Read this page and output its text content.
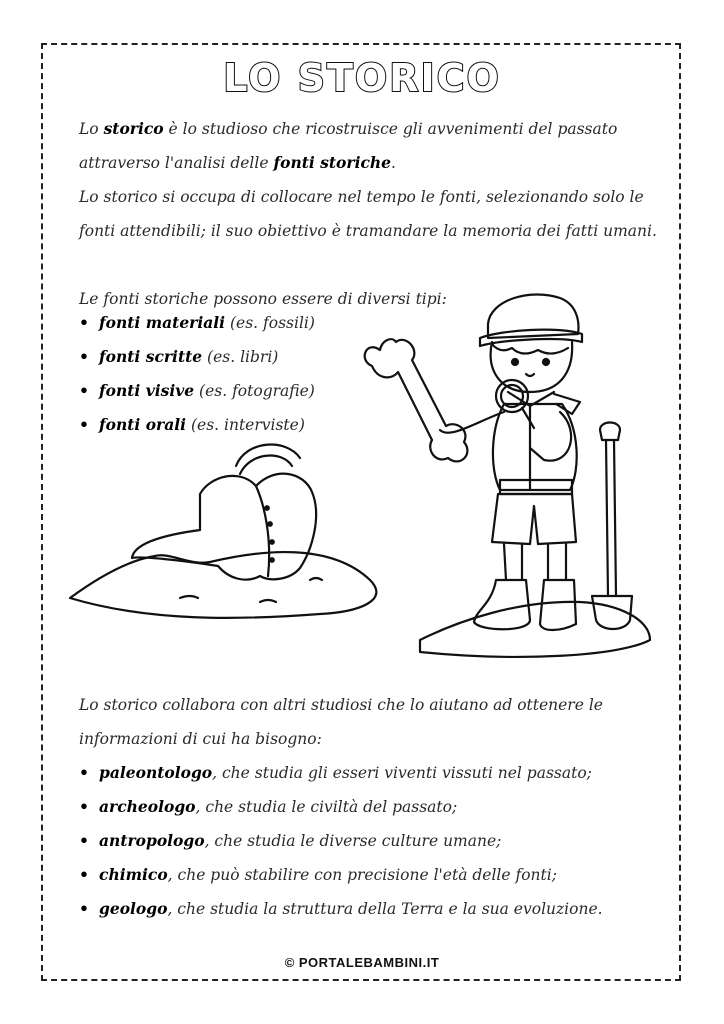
LO STORICO

Lo storico è lo studioso che ricostruisce gli avvenimenti del passato attraverso l'analisi delle fonti storiche.

Lo storico si occupa di collocare nel tempo le fonti, selezionando solo le fonti attendibili; il suo obiettivo è tramandare la memoria dei fatti umani.

Le fonti storiche possono essere di diversi tipi:

• fonti materiali (es. fossili)
• fonti scritte (es. libri)
• fonti visive (es. fotografie)
• fonti orali (es. interviste)

Lo storico collabora con altri studiosi che lo aiutano ad ottenere le informazioni di cui ha bisogno:

• paleontologo, che studia gli esseri viventi vissuti nel passato;
• archeologo, che studia le civiltà del passato;
• antropologo, che studia le diverse culture umane;
• chimico, che può stabilire con precisione l'età delle fonti;
• geologo, che studia la struttura della Terra e la sua evoluzione.
© PORTALEBAMBINI.IT
